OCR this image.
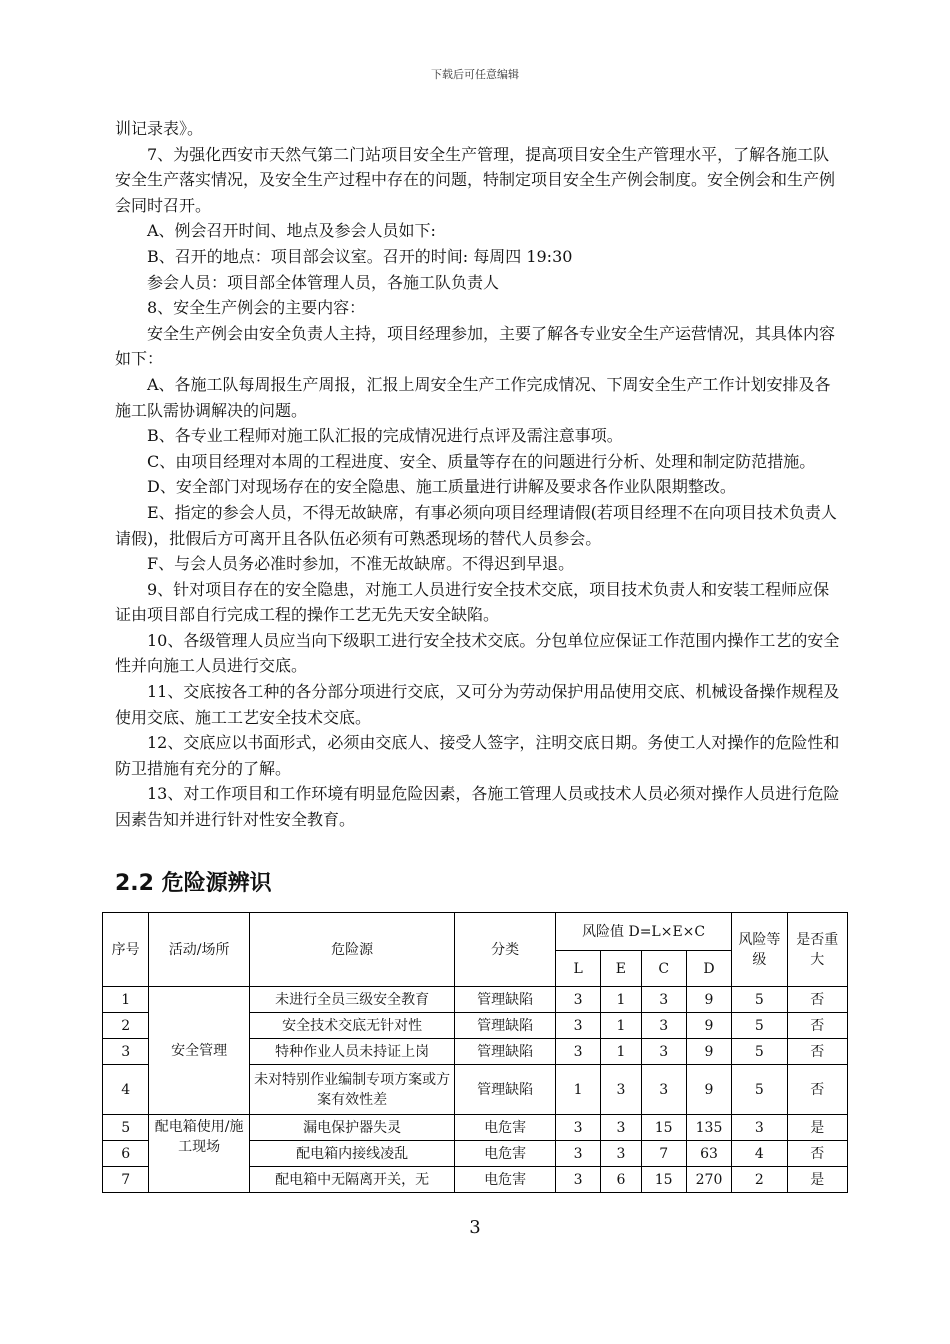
下载后可任意编辑

训记录表》。

7、为强化西安市天然气第二门站项目安全生产管理，提高项目安全生产管理水平，了解各施工队安全生产落实情况，及安全生产过程中存在的问题，特制定项目安全生产例会制度。安全例会和生产例会同时召开。

A、例会召开时间、地点及参会人员如下:

B、召开的地点：项目部会议室。召开的时间: 每周四 19:30

参会人员：项目部全体管理人员，各施工队负责人

8、安全生产例会的主要内容：

安全生产例会由安全负责人主持，项目经理参加，主要了解各专业安全生产运营情况，其具体内容如下：

A、各施工队每周报生产周报，汇报上周安全生产工作完成情况、下周安全生产工作计划安排及各施工队需协调解决的问题。

B、各专业工程师对施工队汇报的完成情况进行点评及需注意事项。

C、由项目经理对本周的工程进度、安全、质量等存在的问题进行分析、处理和制定防范措施。

D、安全部门对现场存在的安全隐患、施工质量进行讲解及要求各作业队限期整改。

E、指定的参会人员，不得无故缺席，有事必须向项目经理请假(若项目经理不在向项目技术负责人请假)，批假后方可离开且各队伍必须有可熟悉现场的替代人员参会。

F、与会人员务必准时参加，不准无故缺席。不得迟到早退。

9、针对项目存在的安全隐患，对施工人员进行安全技术交底，项目技术负责人和安装工程师应保证由项目部自行完成工程的操作工艺无先天安全缺陷。

10、各级管理人员应当向下级职工进行安全技术交底。分包单位应保证工作范围内操作工艺的安全性并向施工人员进行交底。

11、交底按各工种的各分部分项进行交底，又可分为劳动保护用品使用交底、机械设备操作规程及使用交底、施工工艺安全技术交底。

12、交底应以书面形式，必须由交底人、接受人签字，注明交底日期。务使工人对操作的危险性和防卫措施有充分的了解。

13、对工作项目和工作环境有明显危险因素，各施工管理人员或技术人员必须对操作人员进行危险因素告知并进行针对性安全教育。

2.2 危险源辨识
序号	活动/场所	危险源	分类	风险值 D=L×E×C				风险等级	是否重大
				L	E	C	D		
1	安全管理	未进行全员三级安全教育	管理缺陷	3	1	3	9	5	否
2		安全技术交底无针对性	管理缺陷	3	1	3	9	5	否
3		特种作业人员未持证上岗	管理缺陷	3	1	3	9	5	否
4		未对特别作业编制专项方案或方案有效性差	管理缺陷	1	3	3	9	5	否
5	配电箱使用/施工现场	漏电保护器失灵	电危害	3	3	15	135	3	是
6		配电箱内接线凌乱	电危害	3	3	7	63	4	否
7		配电箱中无隔离开关，无	电危害	3	6	15	270	2	是
3
